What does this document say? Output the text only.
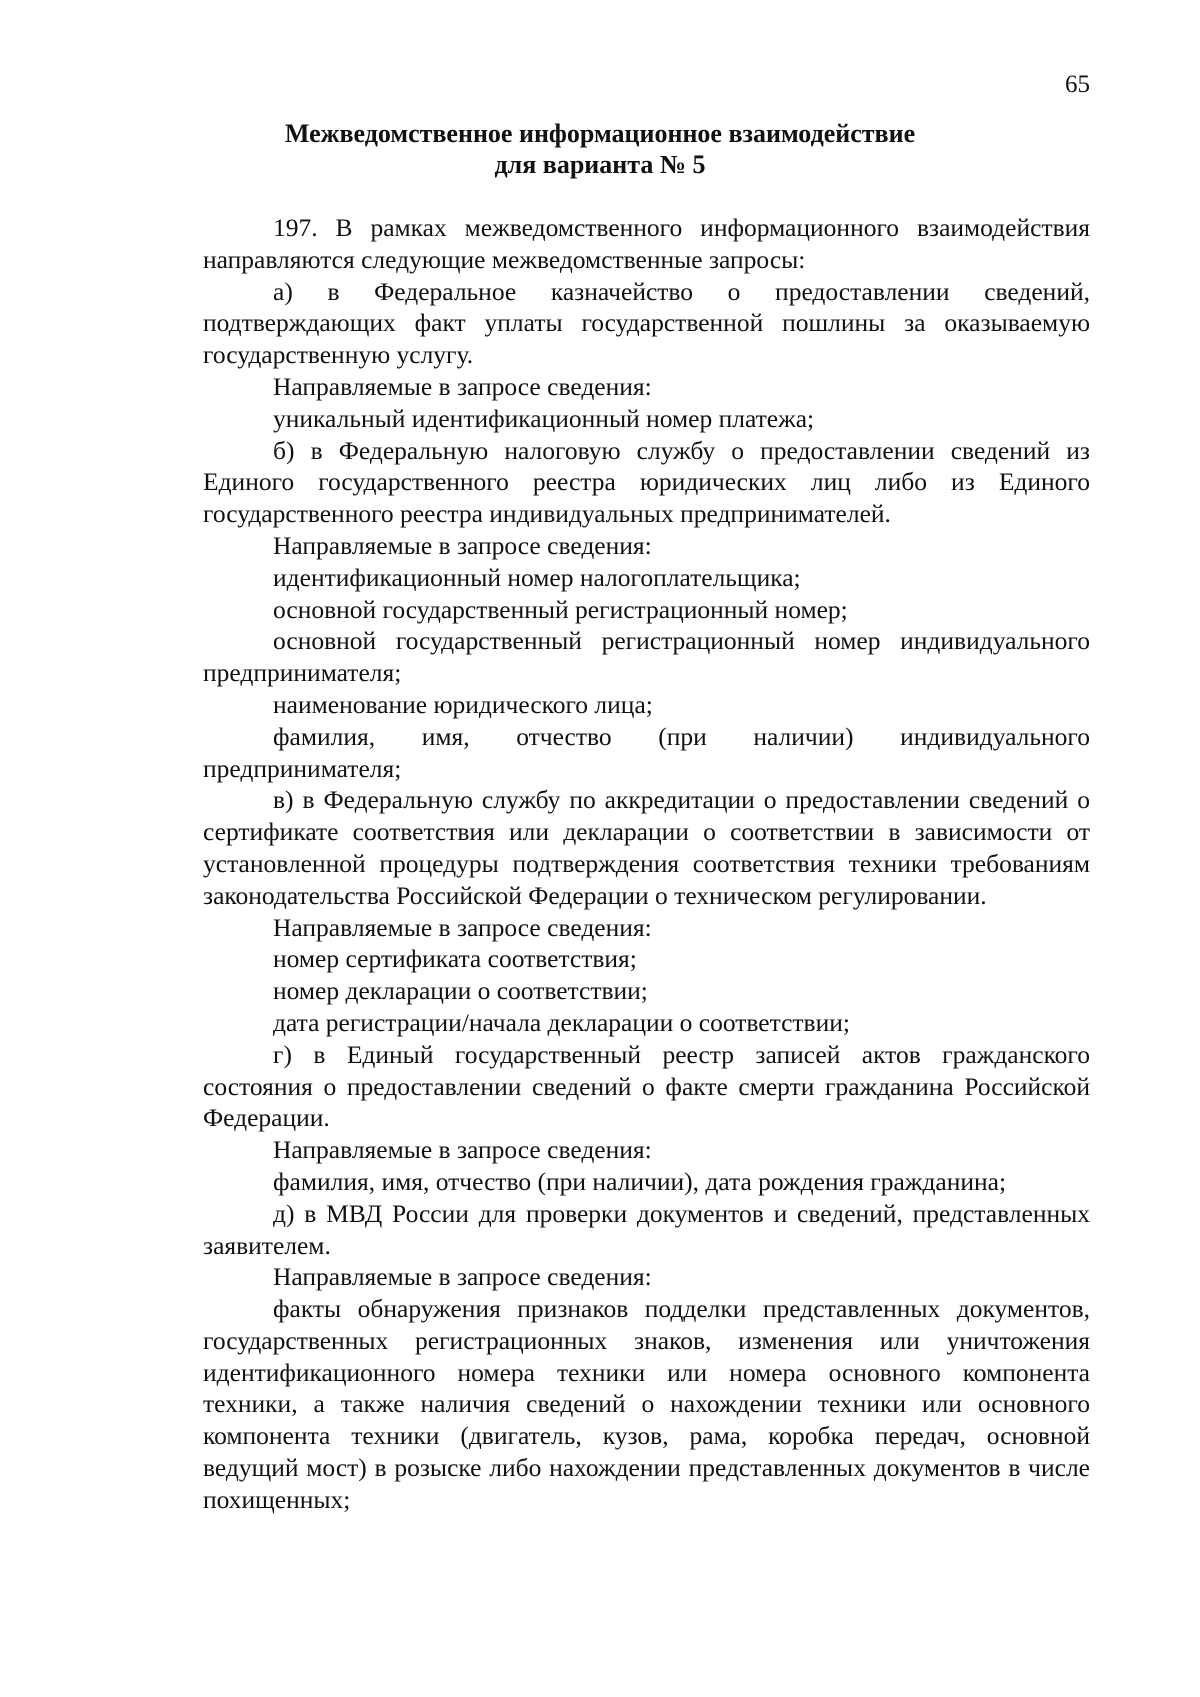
65
Межведомственное информационное взаимодействие
для варианта № 5

197. В рамках межведомственного информационного взаимодействия направляются следующие межведомственные запросы:

а) в Федеральное казначейство о предоставлении сведений, подтверждающих факт уплаты государственной пошлины за оказываемую государственную услугу.

Направляемые в запросе сведения:

уникальный идентификационный номер платежа;

б) в Федеральную налоговую службу о предоставлении сведений из Единого государственного реестра юридических лиц либо из Единого государственного реестра индивидуальных предпринимателей.

Направляемые в запросе сведения:

идентификационный номер налогоплательщика;

основной государственный регистрационный номер;

основной государственный регистрационный номер индивидуального предпринимателя;

наименование юридического лица;

фамилия, имя, отчество (при наличии) индивидуального предпринимателя;

в) в Федеральную службу по аккредитации о предоставлении сведений о сертификате соответствия или декларации о соответствии в зависимости от установленной процедуры подтверждения соответствия техники требованиям законодательства Российской Федерации о техническом регулировании.

Направляемые в запросе сведения:

номер сертификата соответствия;

номер декларации о соответствии;

дата регистрации/начала декларации о соответствии;

г) в Единый государственный реестр записей актов гражданского состояния о предоставлении сведений о факте смерти гражданина Российской Федерации.

Направляемые в запросе сведения:

фамилия, имя, отчество (при наличии), дата рождения гражданина;

д) в МВД России для проверки документов и сведений, представленных заявителем.

Направляемые в запросе сведения:

факты обнаружения признаков подделки представленных документов, государственных регистрационных знаков, изменения или уничтожения идентификационного номера техники или номера основного компонента техники, а также наличия сведений о нахождении техники или основного компонента техники (двигатель, кузов, рама, коробка передач, основной ведущий мост) в розыске либо нахождении представленных документов в числе похищенных;
